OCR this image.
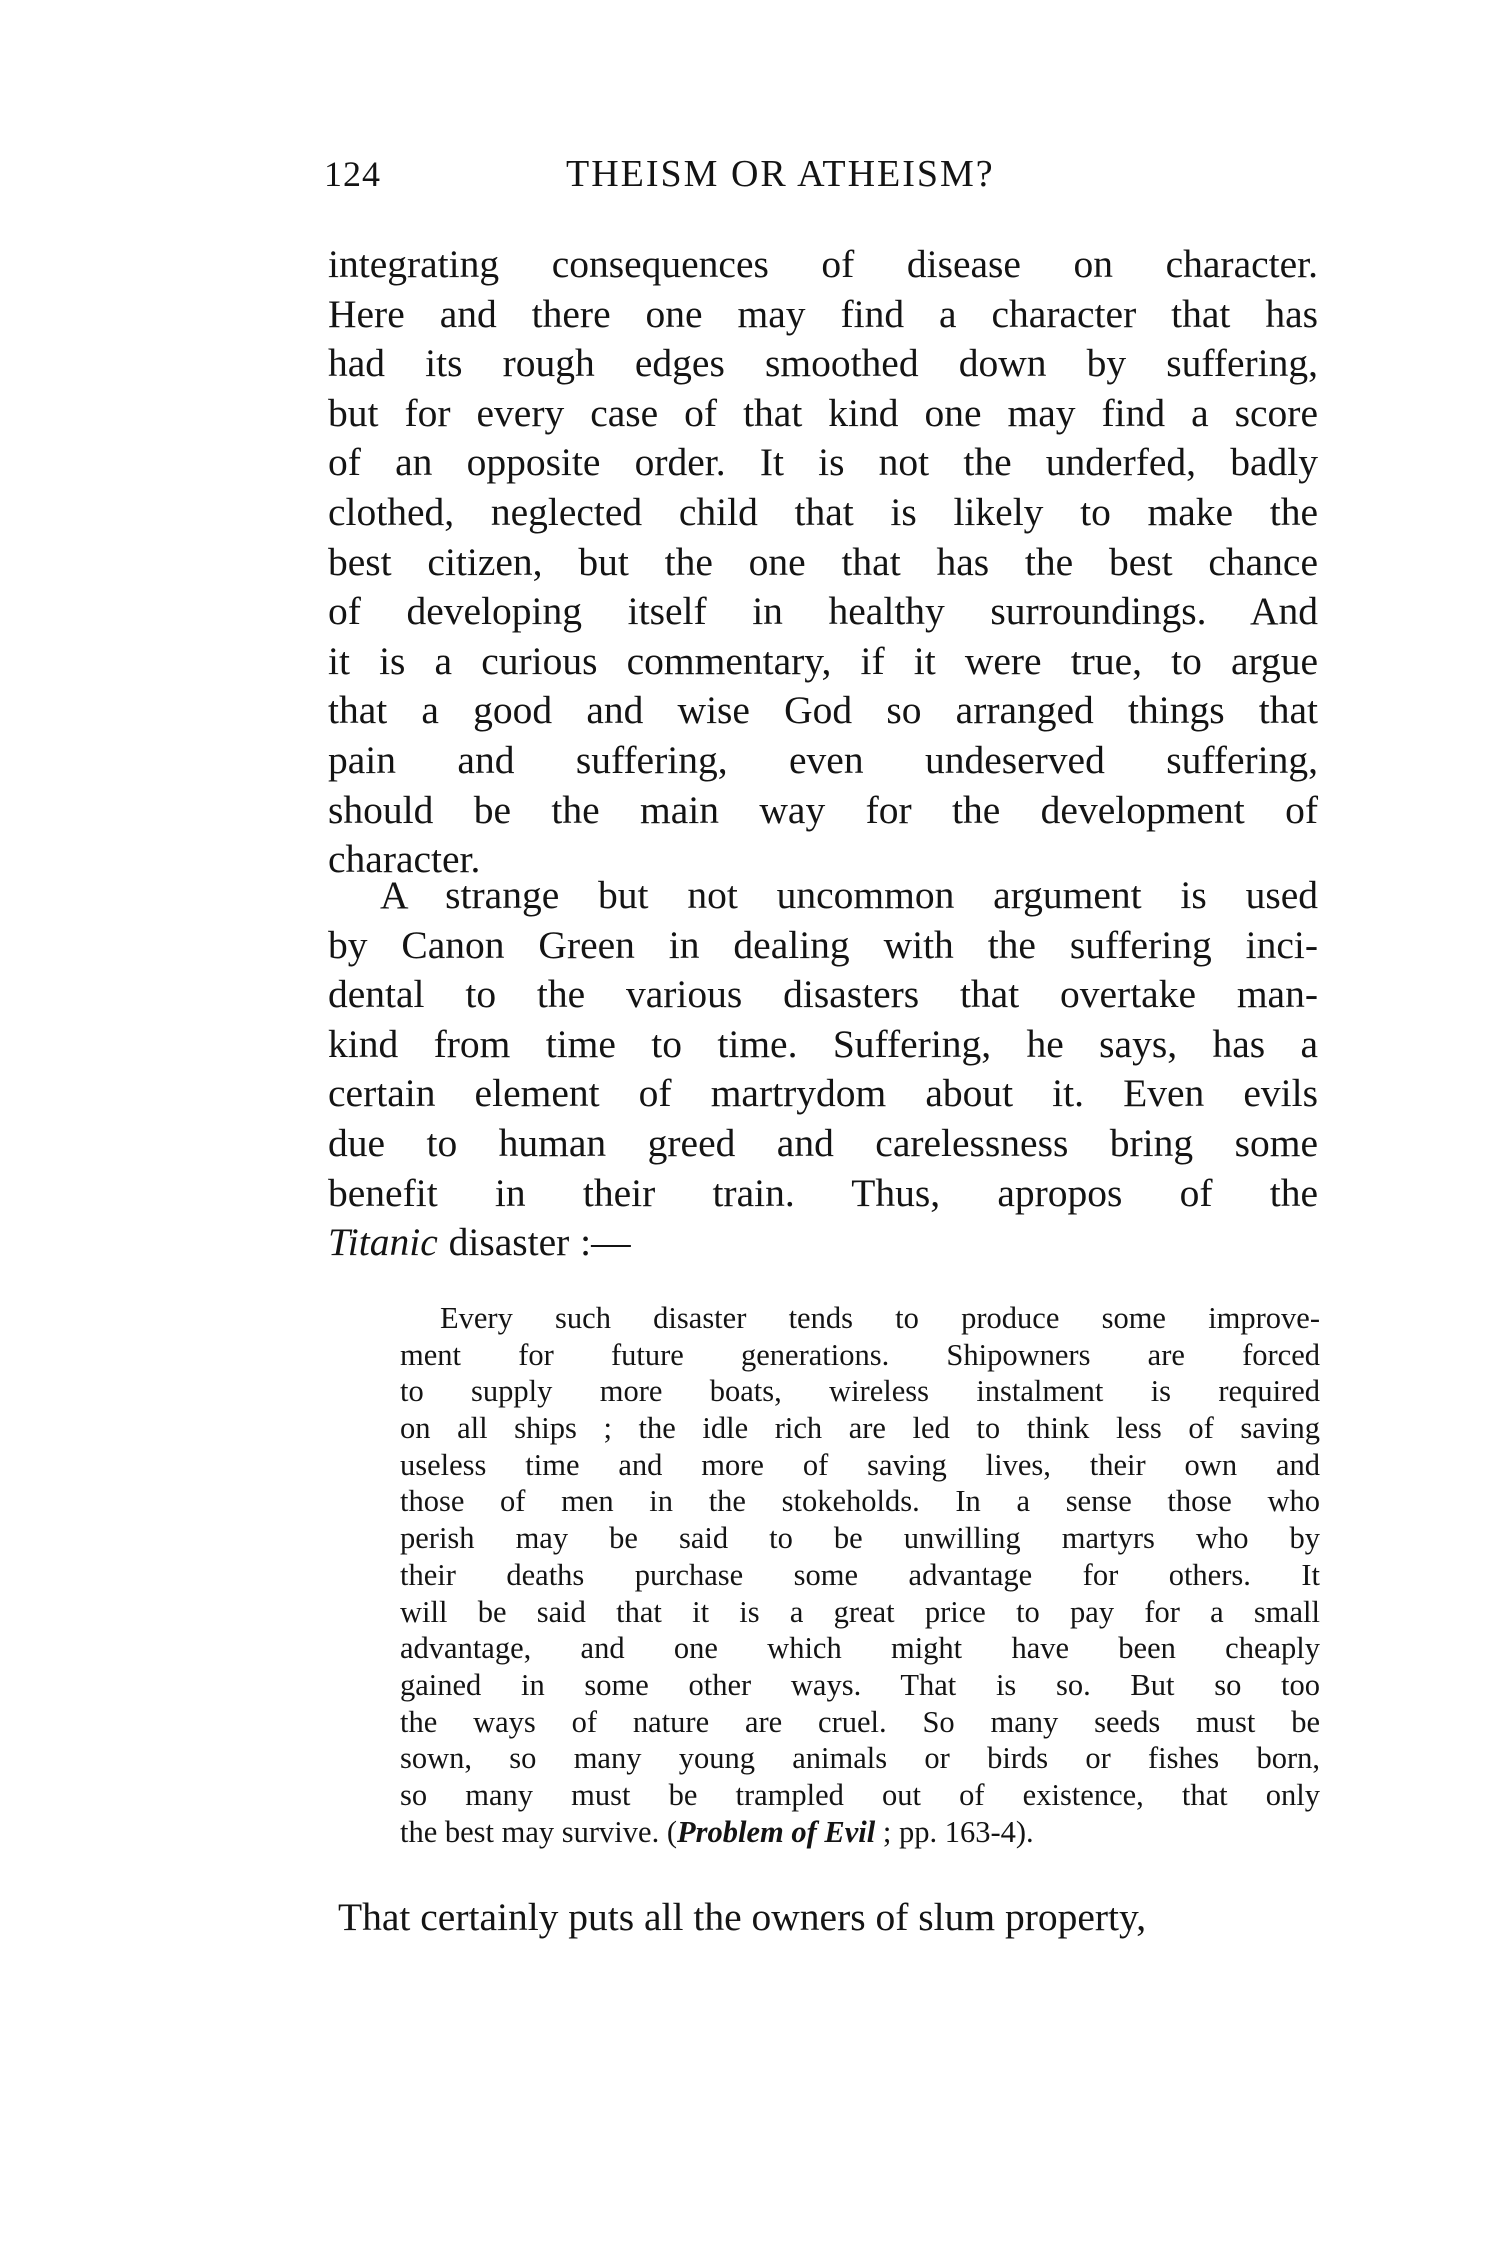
124	THEISM OR ATHEISM?
integrating consequences of disease on character.
Here and there one may find a character that has
had its rough edges smoothed down by suffering,
but for every case of that kind one may find a score
of an opposite order. It is not the underfed, badly
clothed, neglected child that is likely to make the
best citizen, but the one that has the best chance
of developing itself in healthy surroundings. And
it is a curious commentary, if it were true, to argue
that a good and wise God so arranged things that
pain and suffering, even undeserved suffering,
should be the main way for the development of
character.
A strange but not uncommon argument is used
by Canon Green in dealing with the suffering inci-
dental to the various disasters that overtake man-
kind from time to time. Suffering, he says, has a
certain element of martrydom about it. Even evils
due to human greed and carelessness bring some
benefit in their train. Thus, apropos of the
Titanic disaster :—
Every such disaster tends to produce some improve-
ment for future generations. Shipowners are forced
to supply more boats, wireless instalment is required
on all ships ; the idle rich are led to think less of saving
useless time and more of saving lives, their own and
those of men in the stokeholds. In a sense those who
perish may be said to be unwilling martyrs who by
their deaths purchase some advantage for others. It
will be said that it is a great price to pay for a small
advantage, and one which might have been cheaply
gained in some other ways. That is so. But so too
the ways of nature are cruel. So many seeds must be
sown, so many young animals or birds or fishes born,
so many must be trampled out of existence, that only
the best may survive. (Problem of Evil ; pp. 163-4).
That certainly puts all the owners of slum property,
